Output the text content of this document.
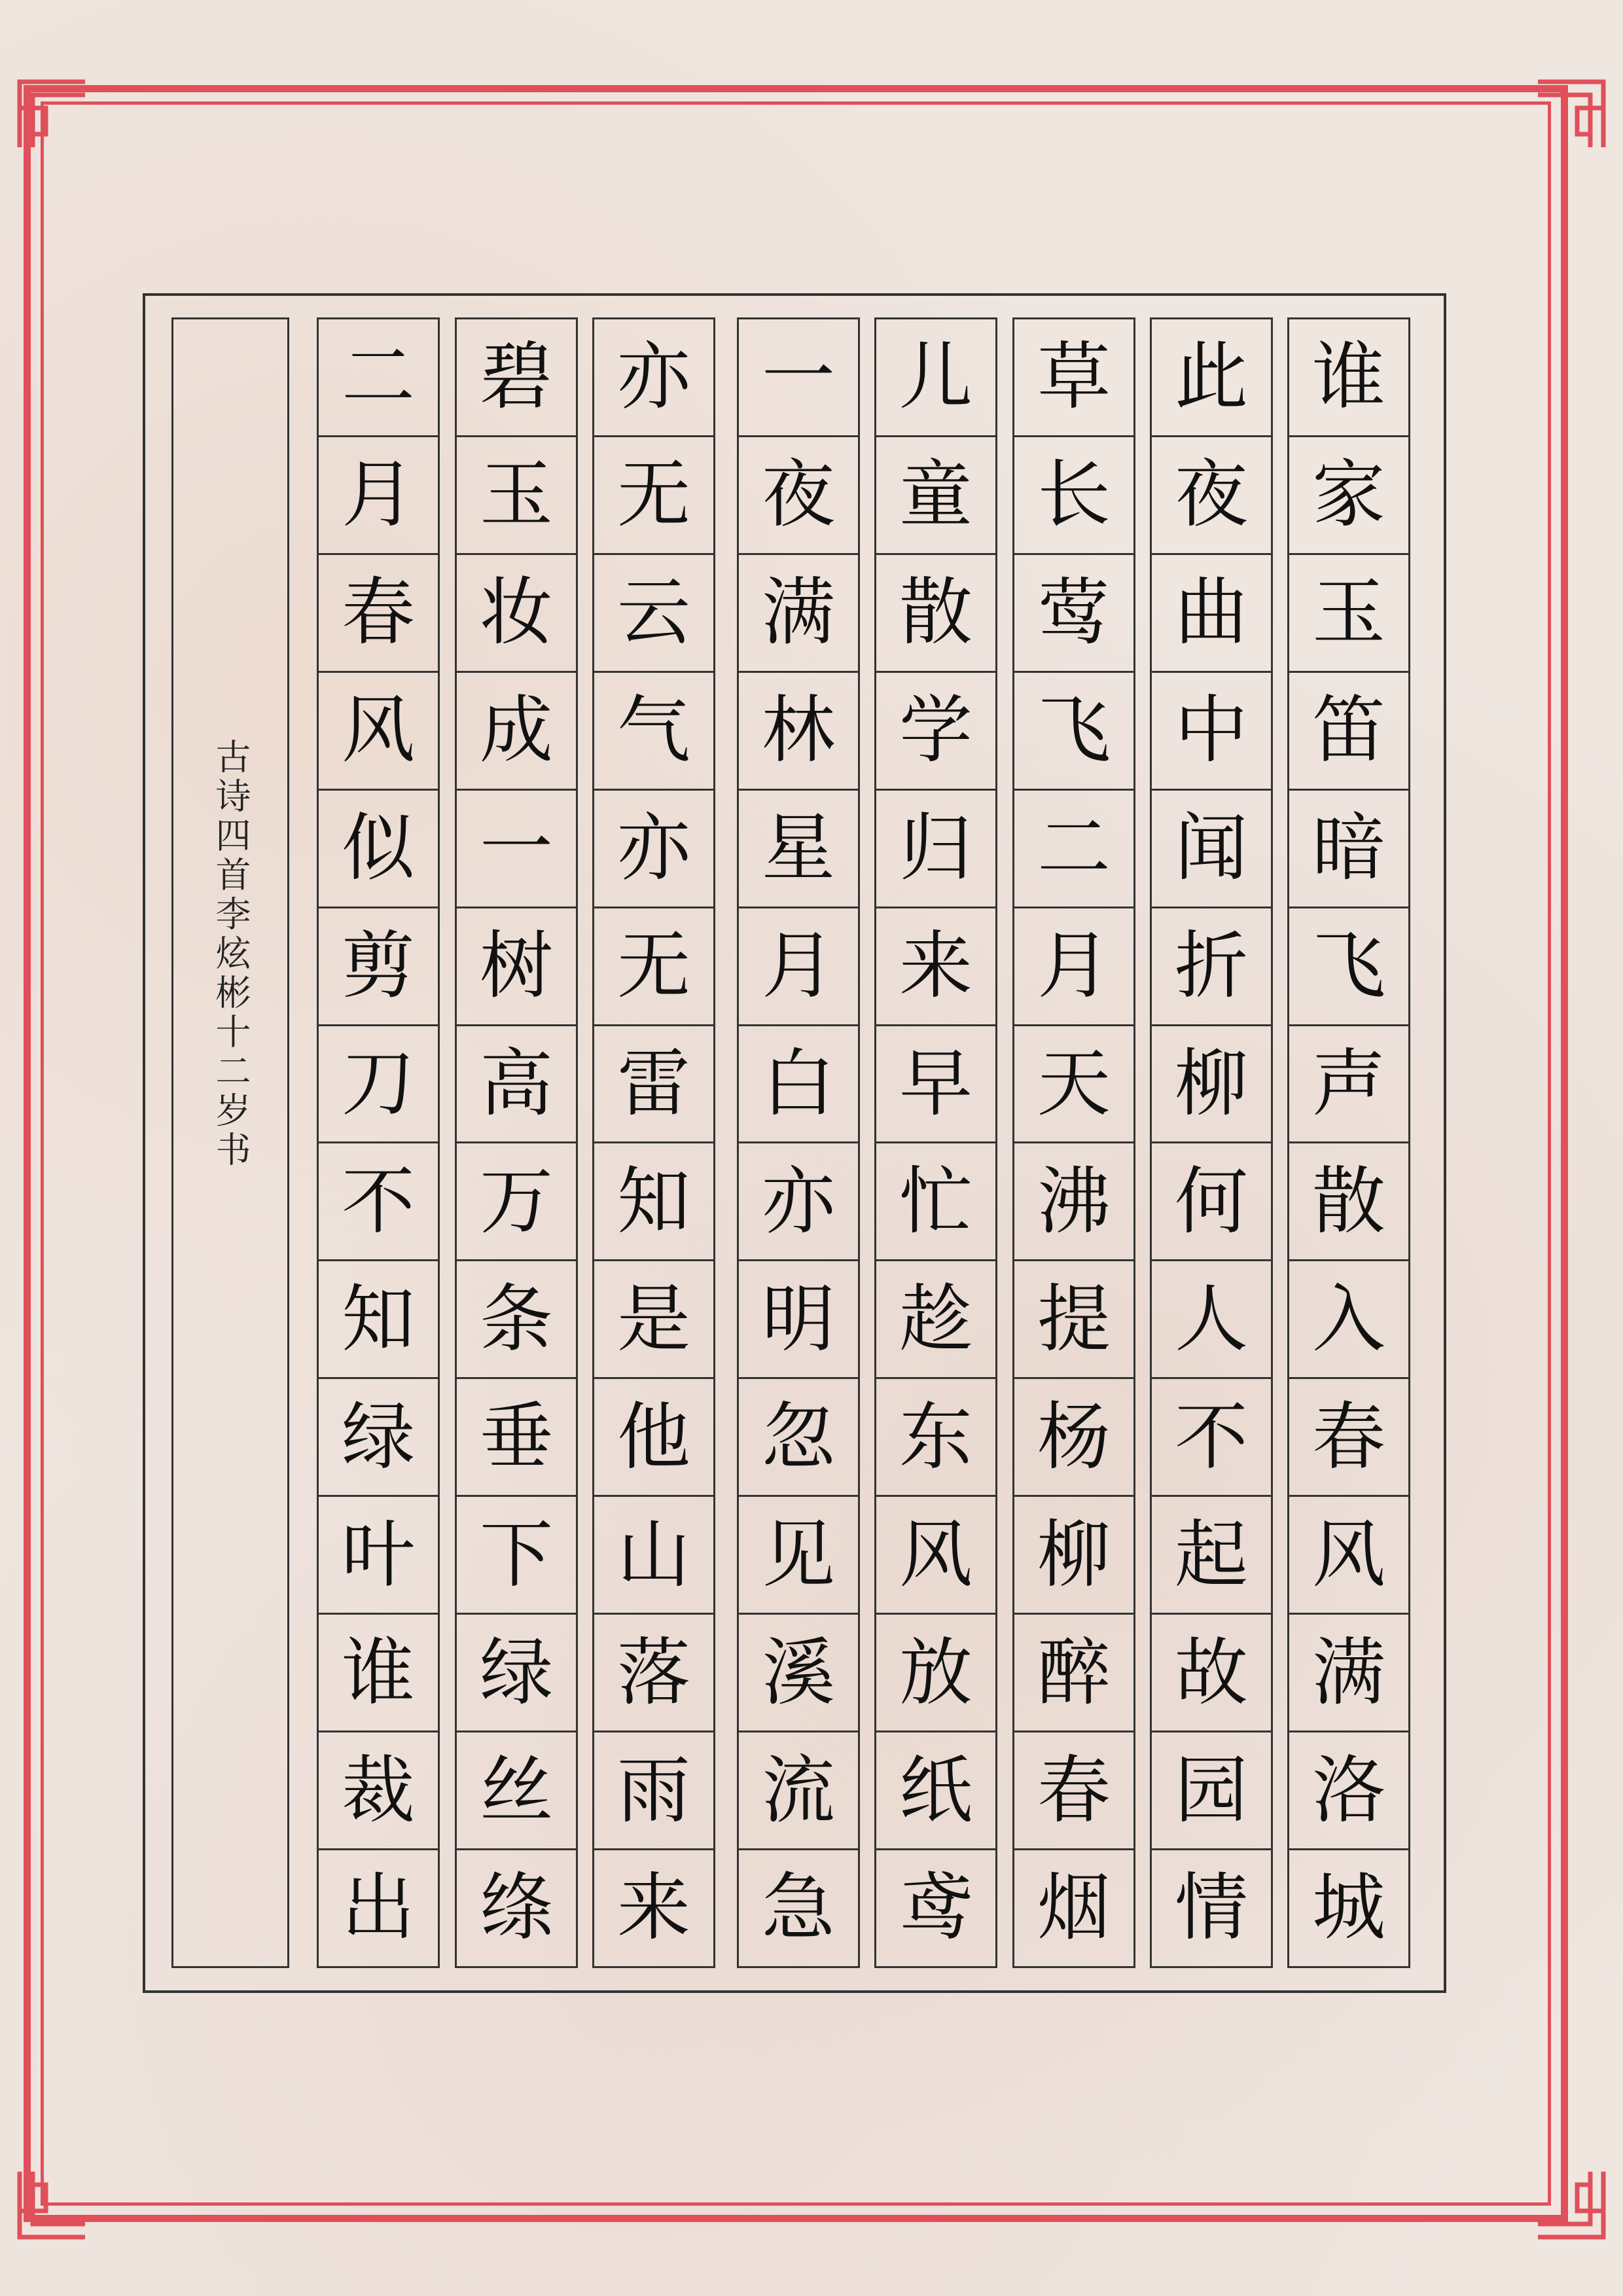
古诗四首李炫彬十二岁书
谁
家
玉
笛
暗
飞
声
散
入
春
风
满
洛
城
此
夜
曲
中
闻
折
柳
何
人
不
起
故
园
情
草
长
莺
飞
二
月
天
沸
提
杨
柳
醉
春
烟
儿
童
散
学
归
来
早
忙
趁
东
风
放
纸
鸢
一
夜
满
林
星
月
白
亦
明
忽
见
溪
流
急
亦
无
云
气
亦
无
雷
知
是
他
山
落
雨
来
碧
玉
妆
成
一
树
高
万
条
垂
下
绿
丝
绦
二
月
春
风
似
剪
刀
不
知
绿
叶
谁
裁
出
